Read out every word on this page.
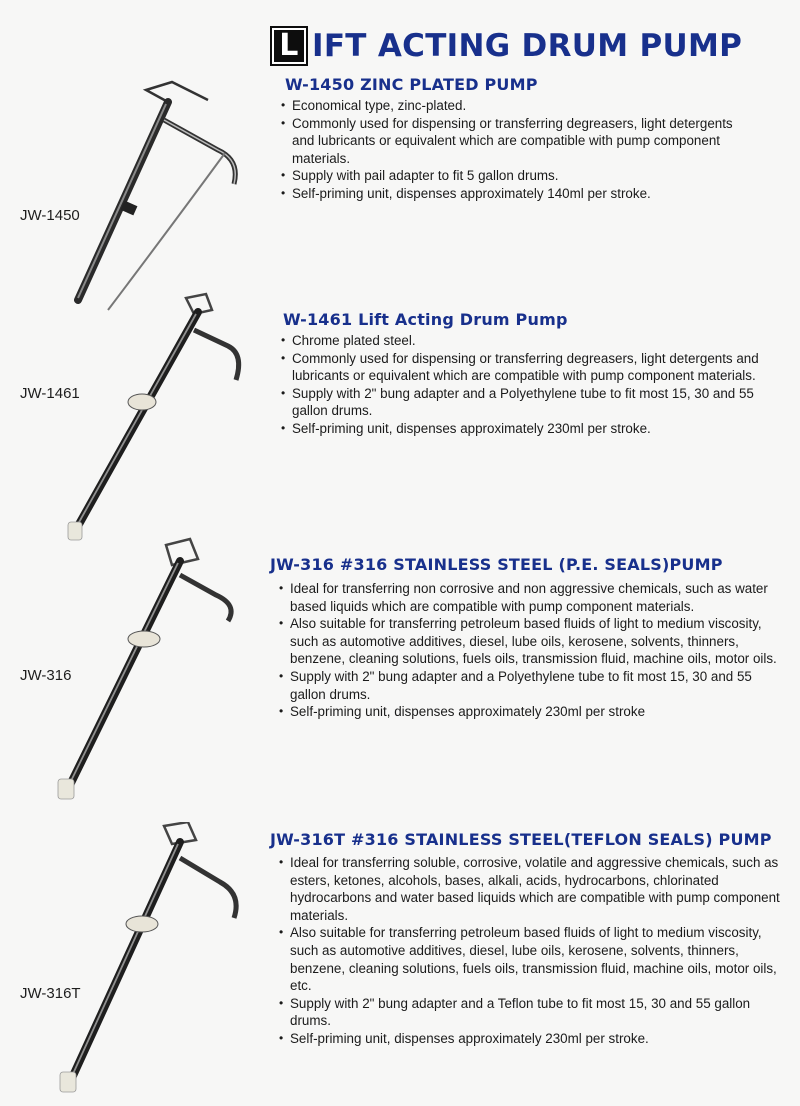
L IFT ACTING DRUM PUMP
JW-1450
W-1450 ZINC PLATED PUMP
• Economical type, zinc-plated.
• Commonly used for dispensing or transferring degreasers, light detergents and lubricants or equivalent which are compatible with pump component materials.
• Supply with pail adapter to fit 5 gallon drums.
• Self-priming unit, dispenses approximately 140ml per stroke.
JW-1461
W-1461 Lift Acting Drum Pump
• Chrome plated steel.
• Commonly used for dispensing or transferring degreasers, light detergents and lubricants or equivalent which are compatible with pump component materials.
• Supply with 2" bung adapter and a Polyethylene tube to fit most 15, 30 and 55 gallon drums.
• Self-priming unit, dispenses approximately 230ml per stroke.
JW-316
JW-316 #316 STAINLESS STEEL (P.E. SEALS)PUMP
• Ideal for transferring non corrosive and non aggressive chemicals, such as water based liquids which are compatible with pump component materials.
• Also suitable for transferring petroleum based fluids of light to medium viscosity, such as automotive additives, diesel, lube oils, kerosene, solvents, thinners, benzene, cleaning solutions, fuels oils, transmission fluid, machine oils, motor oils.
• Supply with 2" bung adapter and a Polyethylene tube to fit most 15, 30 and 55 gallon drums.
• Self-priming unit, dispenses approximately 230ml per stroke
JW-316T
JW-316T #316 STAINLESS STEEL(TEFLON SEALS) PUMP
• Ideal for transferring soluble, corrosive, volatile and aggressive chemicals, such as esters, ketones, alcohols, bases, alkali, acids, hydrocarbons, chlorinated hydrocarbons and water based liquids which are compatible with pump component materials.
• Also suitable for transferring petroleum based fluids of light to medium viscosity, such as automotive additives, diesel, lube oils, kerosene, solvents, thinners, benzene, cleaning solutions, fuels oils, transmission fluid, machine oils, motor oils, etc.
• Supply with 2" bung adapter and a Teflon tube to fit most 15, 30 and 55 gallon drums.
• Self-priming unit, dispenses approximately 230ml per stroke.
